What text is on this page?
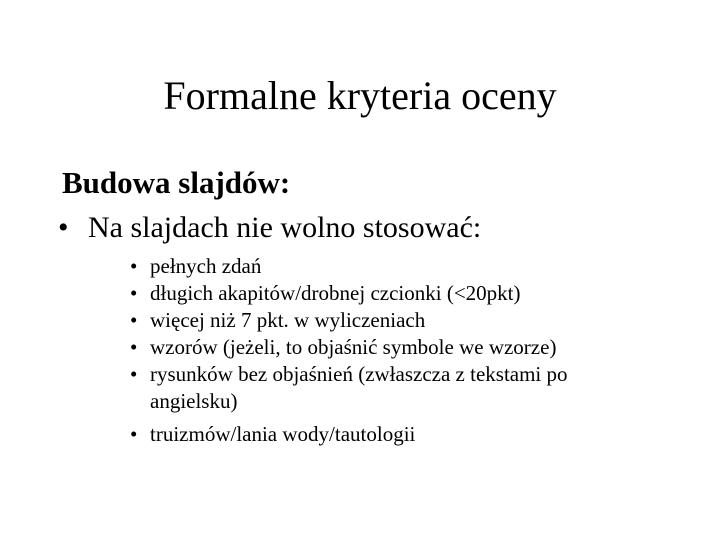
Formalne kryteria oceny
Budowa slajdów:
• Na slajdach nie wolno stosować:
• pełnych zdań
• długich akapitów/drobnej czcionki (<20pkt)
• więcej niż 7 pkt. w wyliczeniach
• wzorów (jeżeli, to objaśnić symbole we wzorze)
• rysunków bez objaśnień (zwłaszcza z tekstami po angielsku)
• truizmów/lania wody/tautologii
